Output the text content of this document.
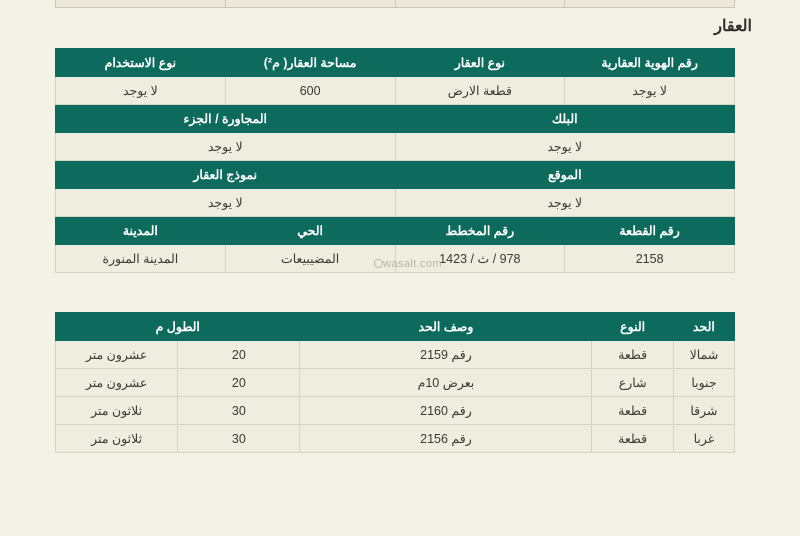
العقار
رقم الهوية العقارية	نوع العقار	مساحة العقار( م²)	نوع الاستخدام
لا يوجد	قطعة الارض	600	لا يوجد
البلك		المجاورة / الجزء	
لا يوجد		لا يوجد	
الموقع		نموذج العقار	
لا يوجد		لا يوجد	
رقم القطعة	رقم المخطط	الحي	المدينة
2158	978 / ث / 1423	المضيبيعات	المدينة المنورة	wasalt.com
الحد	النوع	وصف الحد	الطول م	
شمالا	قطعة	رقم 2159	20	عشرون متر
جنوبا	شارع	بعرض 10م	20	عشرون متر
شرقا	قطعة	رقم 2160	30	ثلاثون متر
غربا	قطعة	رقم 2156	30	ثلاثون متر
